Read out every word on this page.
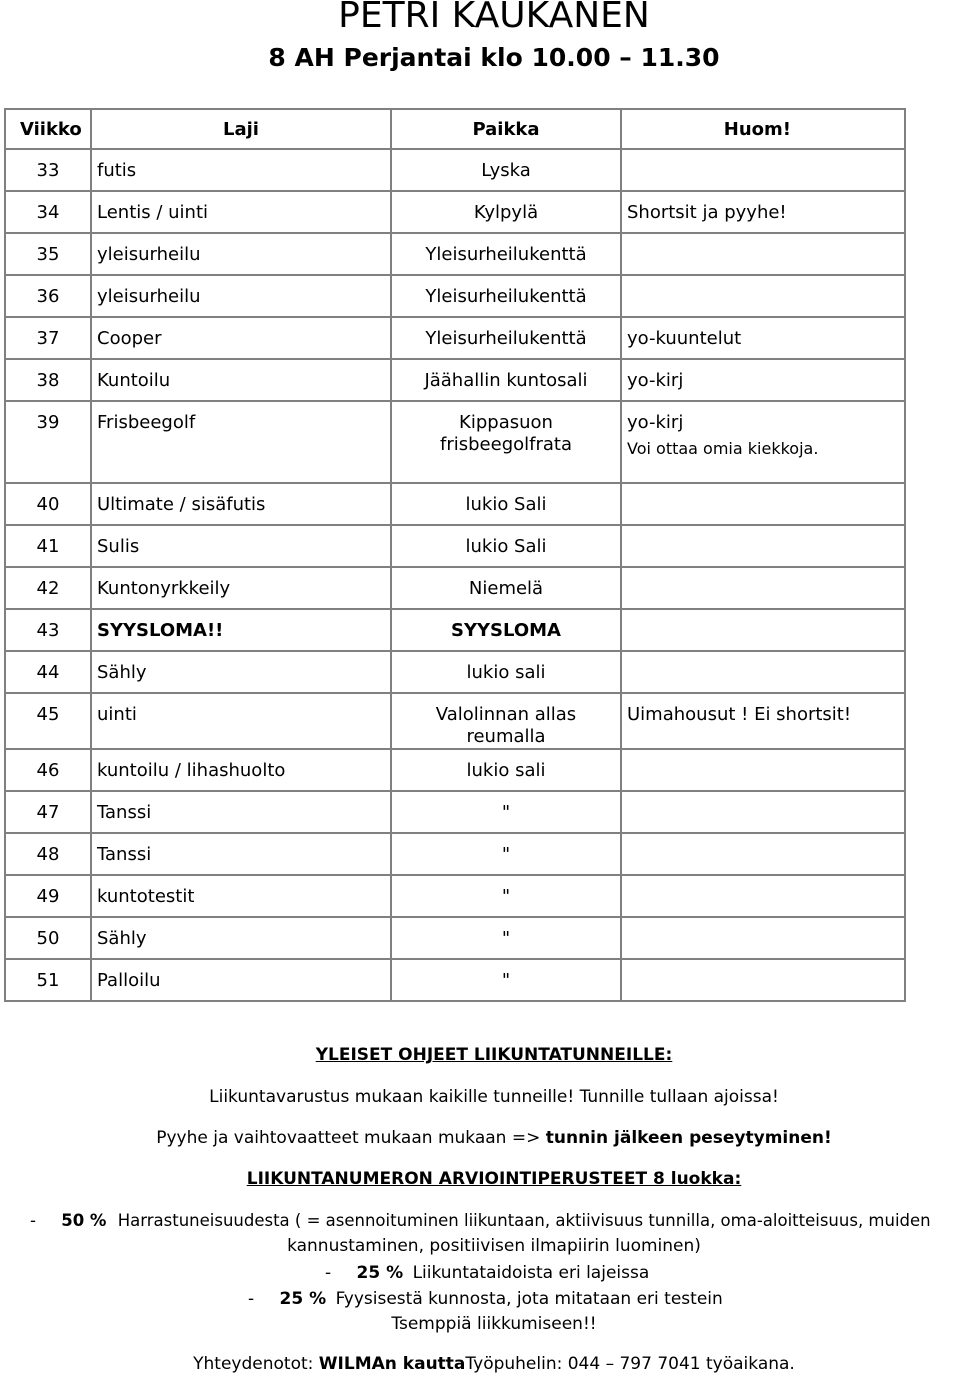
PETRI KAUKANEN
8 AH Perjantai klo 10.00 – 11.30
Viikko	Laji	Paikka	Huom!
33	futis	Lyska	
34	Lentis / uinti	Kylpylä	Shortsit ja pyyhe!
35	yleisurheilu	Yleisurheilukenttä	
36	yleisurheilu	Yleisurheilukenttä	
37	Cooper	Yleisurheilukenttä	yo-kuuntelut
38	Kuntoilu	Jäähallin kuntosali	yo-kirj
39	Frisbeegolf	Kippasuon frisbeegolfrata	yo-kirj
Voi ottaa omia kiekkoja.

40	Ultimate / sisäfutis	lukio Sali	
41	Sulis	lukio Sali	
42	Kuntonyrkkeily	Niemelä	
43	SYYSLOMA!!	SYYSLOMA	
44	Sähly	lukio sali	
45	uinti	Valolinnan allas reumalla	Uimahousut ! Ei shortsit!
46	kuntoilu / lihashuolto	lukio sali	
47	Tanssi	"	
48	Tanssi	"	
49	kuntotestit	"	
50	Sähly	"	
51	Palloilu	"	
YLEISET OHJEET LIIKUNTATUNNEILLE:
Liikuntavarustus mukaan kaikille tunneille! Tunnille tullaan ajoissa!
Pyyhe ja vaihtovaatteet mukaan mukaan => tunnin jälkeen peseytyminen!
LIIKUNTANUMERON ARVIOINTIPERUSTEET 8 luokka:
- 50 % Harrastuneisuudesta ( = asennoituminen liikuntaan, aktiivisuus tunnilla, oma-aloitteisuus, muiden
kannustaminen, positiivisen ilmapiirin luominen)
- 25 % Liikuntataidoista eri lajeissa
- 25 % Fyysisestä kunnosta, jota mitataan eri testein
Tsemppiä liikkumiseen!!
Yhteydenotot: WILMAn kauttaTyöpuhelin: 044 – 797 7041 työaikana.
